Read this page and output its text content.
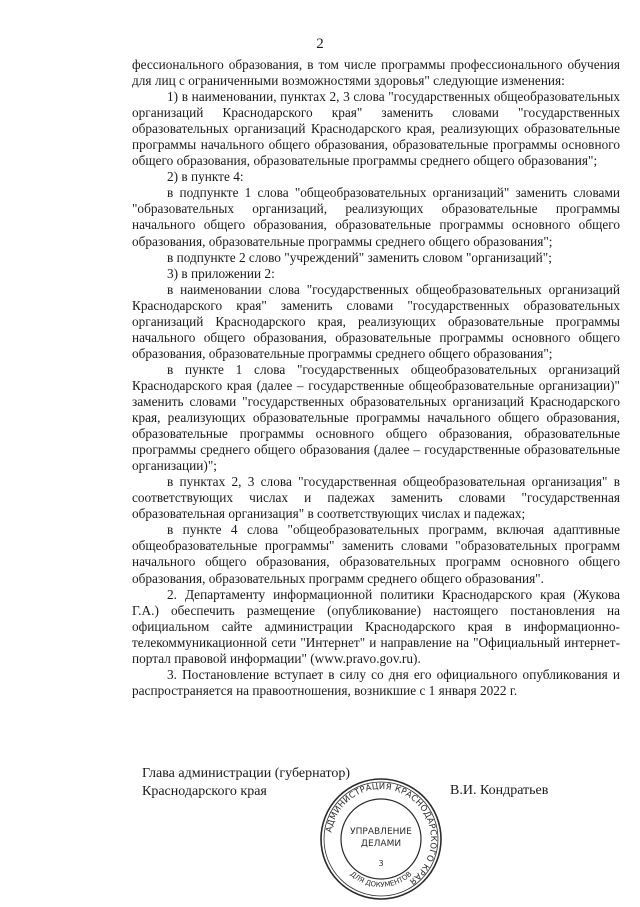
2

фессионального образования, в том числе программы профессионального обучения для лиц с ограниченными возможностями здоровья" следующие изменения:

1) в наименовании, пунктах 2, 3 слова "государственных общеобразовательных организаций Краснодарского края" заменить словами "государственных образовательных организаций Краснодарского края, реализующих образовательные программы начального общего образования, образовательные программы основного общего образования, образовательные программы среднего общего образования";

2) в пункте 4:

в подпункте 1 слова "общеобразовательных организаций" заменить словами "образовательных организаций, реализующих образовательные программы начального общего образования, образовательные программы основного общего образования, образовательные программы среднего общего образования";

в подпункте 2 слово "учреждений" заменить словом "организаций";

3) в приложении 2:

в наименовании слова "государственных общеобразовательных организаций Краснодарского края" заменить словами "государственных образовательных организаций Краснодарского края, реализующих образовательные программы начального общего образования, образовательные программы основного общего образования, образовательные программы среднего общего образования";

в пункте 1 слова "государственных общеобразовательных организаций Краснодарского края (далее – государственные общеобразовательные организации)" заменить словами "государственных образовательных организаций Краснодарского края, реализующих образовательные программы начального общего образования, образовательные программы основного общего образования, образовательные программы среднего общего образования (далее – государственные образовательные организации)";

в пунктах 2, 3 слова "государственная общеобразовательная организация" в соответствующих числах и падежах заменить словами "государственная образовательная организация" в соответствующих числах и падежах;

в пункте 4 слова "общеобразовательных программ, включая адаптивные общеобразовательные программы" заменить словами "образовательных программ начального общего образования, образовательных программ основного общего образования, образовательных программ среднего общего образования".

2. Департаменту информационной политики Краснодарского края (Жукова Г.А.) обеспечить размещение (опубликование) настоящего постановления на официальном сайте администрации Краснодарского края в информационно-телекоммуникационной сети "Интернет" и направление на "Официальный интернет-портал правовой информации" (www.pravo.gov.ru).

3. Постановление вступает в силу со дня его официального опубликования и распространяется на правоотношения, возникшие с 1 января 2022 г.

Глава администрации (губернатор)
Краснодарского края	В.И. Кондратьев
АДМИНИСТРАЦИЯ КРАСНОДАРСКОГО КРАЯ
ДЛЯ ДОКУМЕНТОВ
УПРАВЛЕНИЕ
ДЕЛАМИ
3
